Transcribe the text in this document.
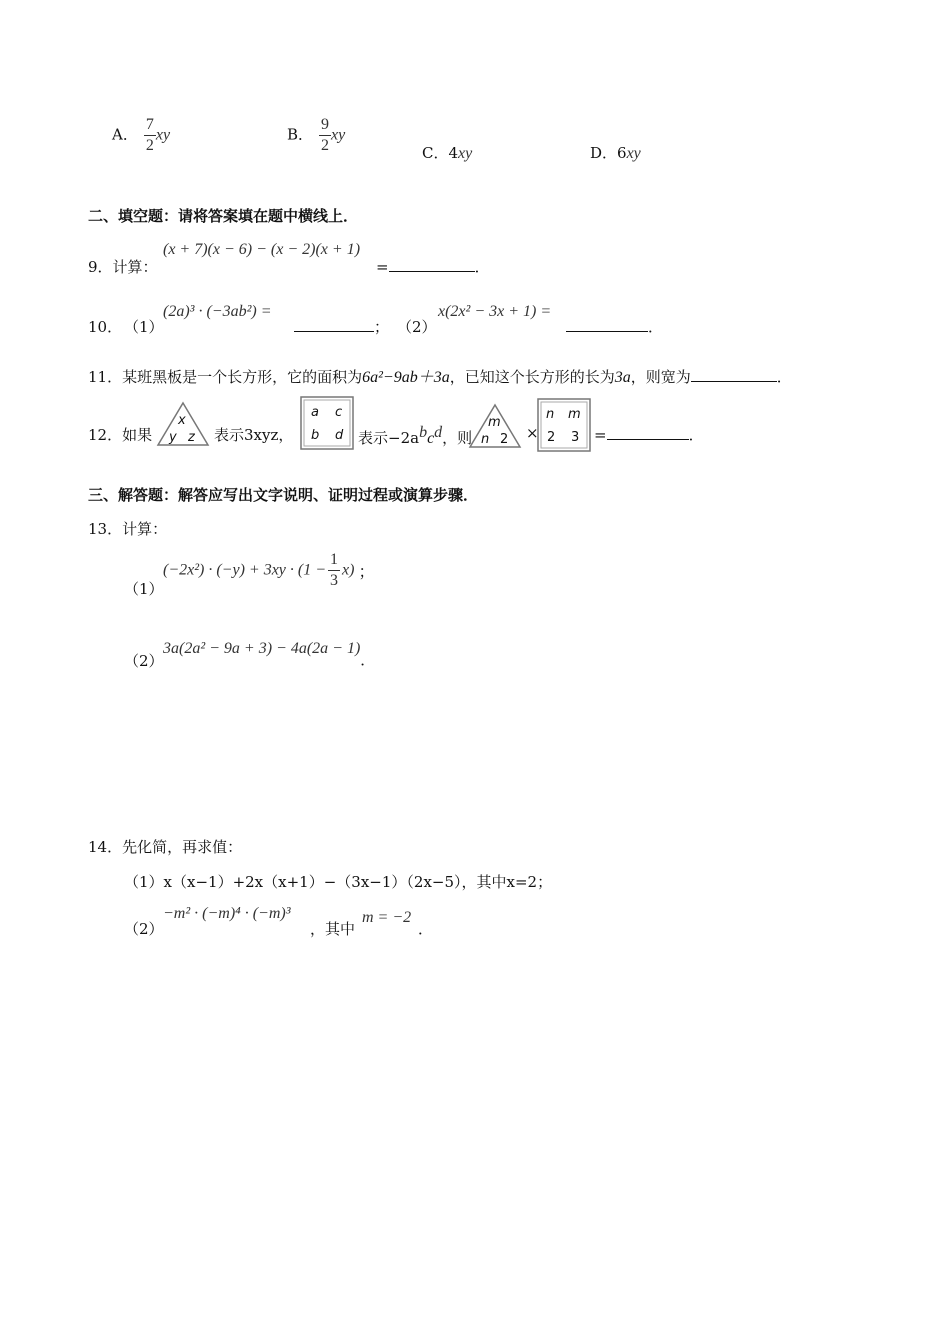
A． $\frac{7}{2}$ xy	B． $\frac{9}{2}$ xy
C．4xy	D．6xy
二、填空题：请将答案填在题中横线上．
9．计算：
(x + 7)(x − 6) − (x − 2)(x + 1)
=	．
10． （1）
(2a)³ · (−3ab²) =
； （2）
x(2x² − 3x + 1) =
．
11．某班黑板是一个长方形，它的面积为6a²−9ab＋3a，已知这个长方形的长为3a，则宽为	．
12．如果
x
y z 表示3xyz，
a c
b d 表示$-2a^bc^d$，则
m
n 2 ×
n m
2 3 =	．
三、解答题：解答应写出文字说明、证明过程或演算步骤．
13．计算：
（1）
$(-2x^2) \cdot (-y) + 3xy \cdot (1 - \frac{1}{3} x)$ ；
（2）
3a(2a² − 9a + 3) − 4a(2a − 1)．
14．先化简，再求值：
（1）x（x−1）+2x（x+1）−（3x−1）（2x−5），其中x=2；
（2）
−m² · (−m)⁴ · (−m)³
，其中
m = −2
．
